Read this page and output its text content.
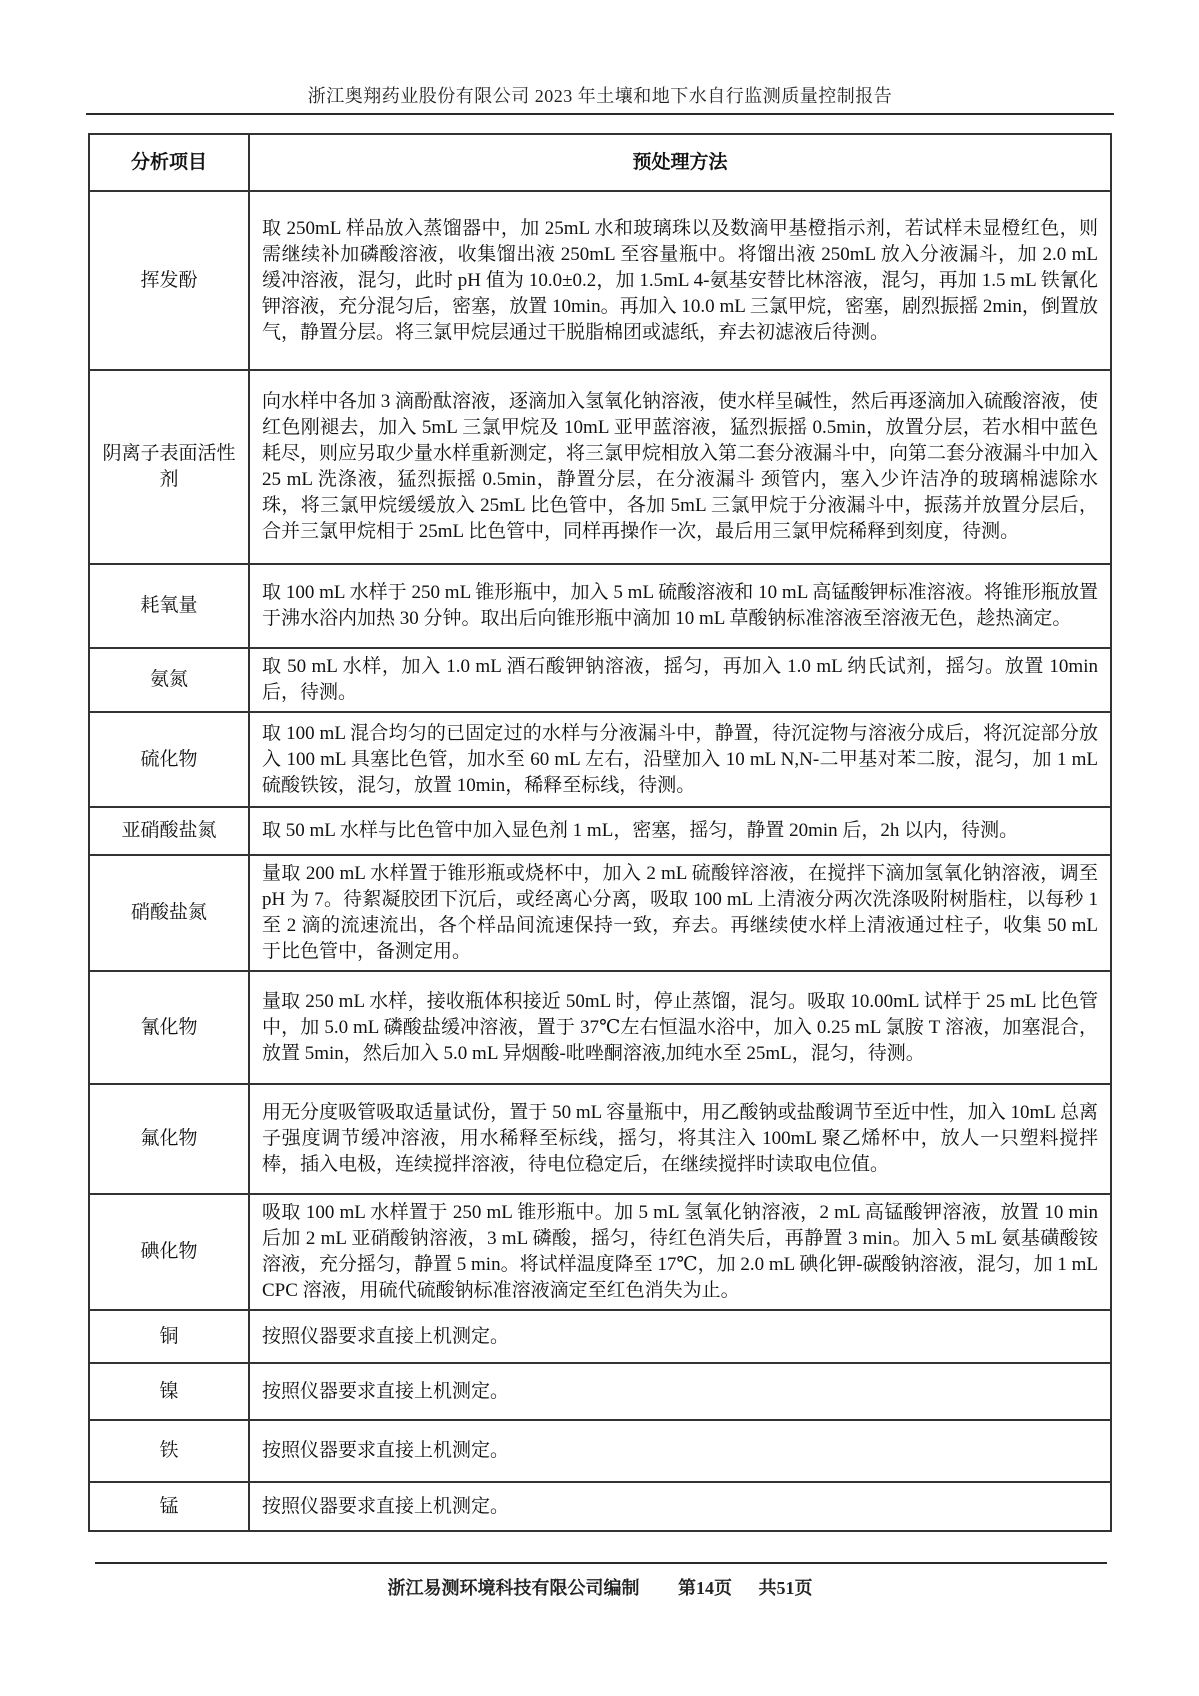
浙江奥翔药业股份有限公司 2023 年土壤和地下水自行监测质量控制报告
分析项目	预处理方法
挥发酚	取 250mL 样品放入蒸馏器中，加 25mL 水和玻璃珠以及数滴甲基橙指示剂，若试样未显橙红色，则需继续补加磷酸溶液，收集馏出液 250mL 至容量瓶中。将馏出液 250mL 放入分液漏斗，加 2.0 mL 缓冲溶液，混匀，此时 pH 值为 10.0±0.2，加 1.5mL 4-氨基安替比林溶液，混匀，再加 1.5 mL 铁氰化钾溶液，充分混匀后，密塞，放置 10min。再加入 10.0 mL 三氯甲烷，密塞，剧烈振摇 2min，倒置放气，静置分层。将三氯甲烷层通过干脱脂棉团或滤纸，弃去初滤液后待测。
阴离子表面活性剂	向水样中各加 3 滴酚酞溶液，逐滴加入氢氧化钠溶液，使水样呈碱性，然后再逐滴加入硫酸溶液，使红色刚褪去，加入 5mL 三氯甲烷及 10mL 亚甲蓝溶液，猛烈振摇 0.5min，放置分层，若水相中蓝色耗尽，则应另取少量水样重新测定，将三氯甲烷相放入第二套分液漏斗中，向第二套分液漏斗中加入 25 mL 洗涤液，猛烈振摇 0.5min，静置分层，在分液漏斗 颈管内，塞入少许洁净的玻璃棉滤除水珠，将三氯甲烷缓缓放入 25mL 比色管中，各加 5mL 三氯甲烷于分液漏斗中，振荡并放置分层后，合并三氯甲烷相于 25mL 比色管中，同样再操作一次，最后用三氯甲烷稀释到刻度，待测。
耗氧量	取 100 mL 水样于 250 mL 锥形瓶中，加入 5 mL 硫酸溶液和 10 mL 高锰酸钾标准溶液。将锥形瓶放置于沸水浴内加热 30 分钟。取出后向锥形瓶中滴加 10 mL 草酸钠标准溶液至溶液无色，趁热滴定。
氨氮	取 50 mL 水样，加入 1.0 mL 酒石酸钾钠溶液，摇匀，再加入 1.0 mL 纳氏试剂，摇匀。放置 10min 后，待测。
硫化物	取 100 mL 混合均匀的已固定过的水样与分液漏斗中，静置，待沉淀物与溶液分成后，将沉淀部分放入 100 mL 具塞比色管，加水至 60 mL 左右，沿壁加入 10 mL N,N-二甲基对苯二胺，混匀，加 1 mL 硫酸铁铵，混匀，放置 10min，稀释至标线，待测。
亚硝酸盐氮	取 50 mL 水样与比色管中加入显色剂 1 mL，密塞，摇匀，静置 20min 后，2h 以内，待测。
硝酸盐氮	量取 200 mL 水样置于锥形瓶或烧杯中，加入 2 mL 硫酸锌溶液，在搅拌下滴加氢氧化钠溶液，调至 pH 为 7。待絮凝胶团下沉后，或经离心分离，吸取 100 mL 上清液分两次洗涤吸附树脂柱，以每秒 1 至 2 滴的流速流出，各个样品间流速保持一致，弃去。再继续使水样上清液通过柱子，收集 50 mL 于比色管中，备测定用。
氰化物	量取 250 mL 水样，接收瓶体积接近 50mL 时，停止蒸馏，混匀。吸取 10.00mL 试样于 25 mL 比色管中，加 5.0 mL 磷酸盐缓冲溶液，置于 37℃左右恒温水浴中，加入 0.25 mL 氯胺 T 溶液，加塞混合，放置 5min，然后加入 5.0 mL 异烟酸-吡唑酮溶液,加纯水至 25mL，混匀，待测。
氟化物	用无分度吸管吸取适量试份，置于 50 mL 容量瓶中，用乙酸钠或盐酸调节至近中性，加入 10mL 总离子强度调节缓冲溶液，用水稀释至标线，摇匀，将其注入 100mL 聚乙烯杯中，放人一只塑料搅拌棒，插入电极，连续搅拌溶液，待电位稳定后，在继续搅拌时读取电位值。
碘化物	吸取 100 mL 水样置于 250 mL 锥形瓶中。加 5 mL 氢氧化钠溶液，2 mL 高锰酸钾溶液，放置 10 min 后加 2 mL 亚硝酸钠溶液，3 mL 磷酸，摇匀，待红色消失后，再静置 3 min。加入 5 mL 氨基磺酸铵溶液，充分摇匀，静置 5 min。将试样温度降至 17℃，加 2.0 mL 碘化钾-碳酸钠溶液，混匀，加 1 mL CPC 溶液，用硫代硫酸钠标准溶液滴定至红色消失为止。
铜	按照仪器要求直接上机测定。
镍	按照仪器要求直接上机测定。
铁	按照仪器要求直接上机测定。
锰	按照仪器要求直接上机测定。
浙江易测环境科技有限公司编制 第14页 共51页
